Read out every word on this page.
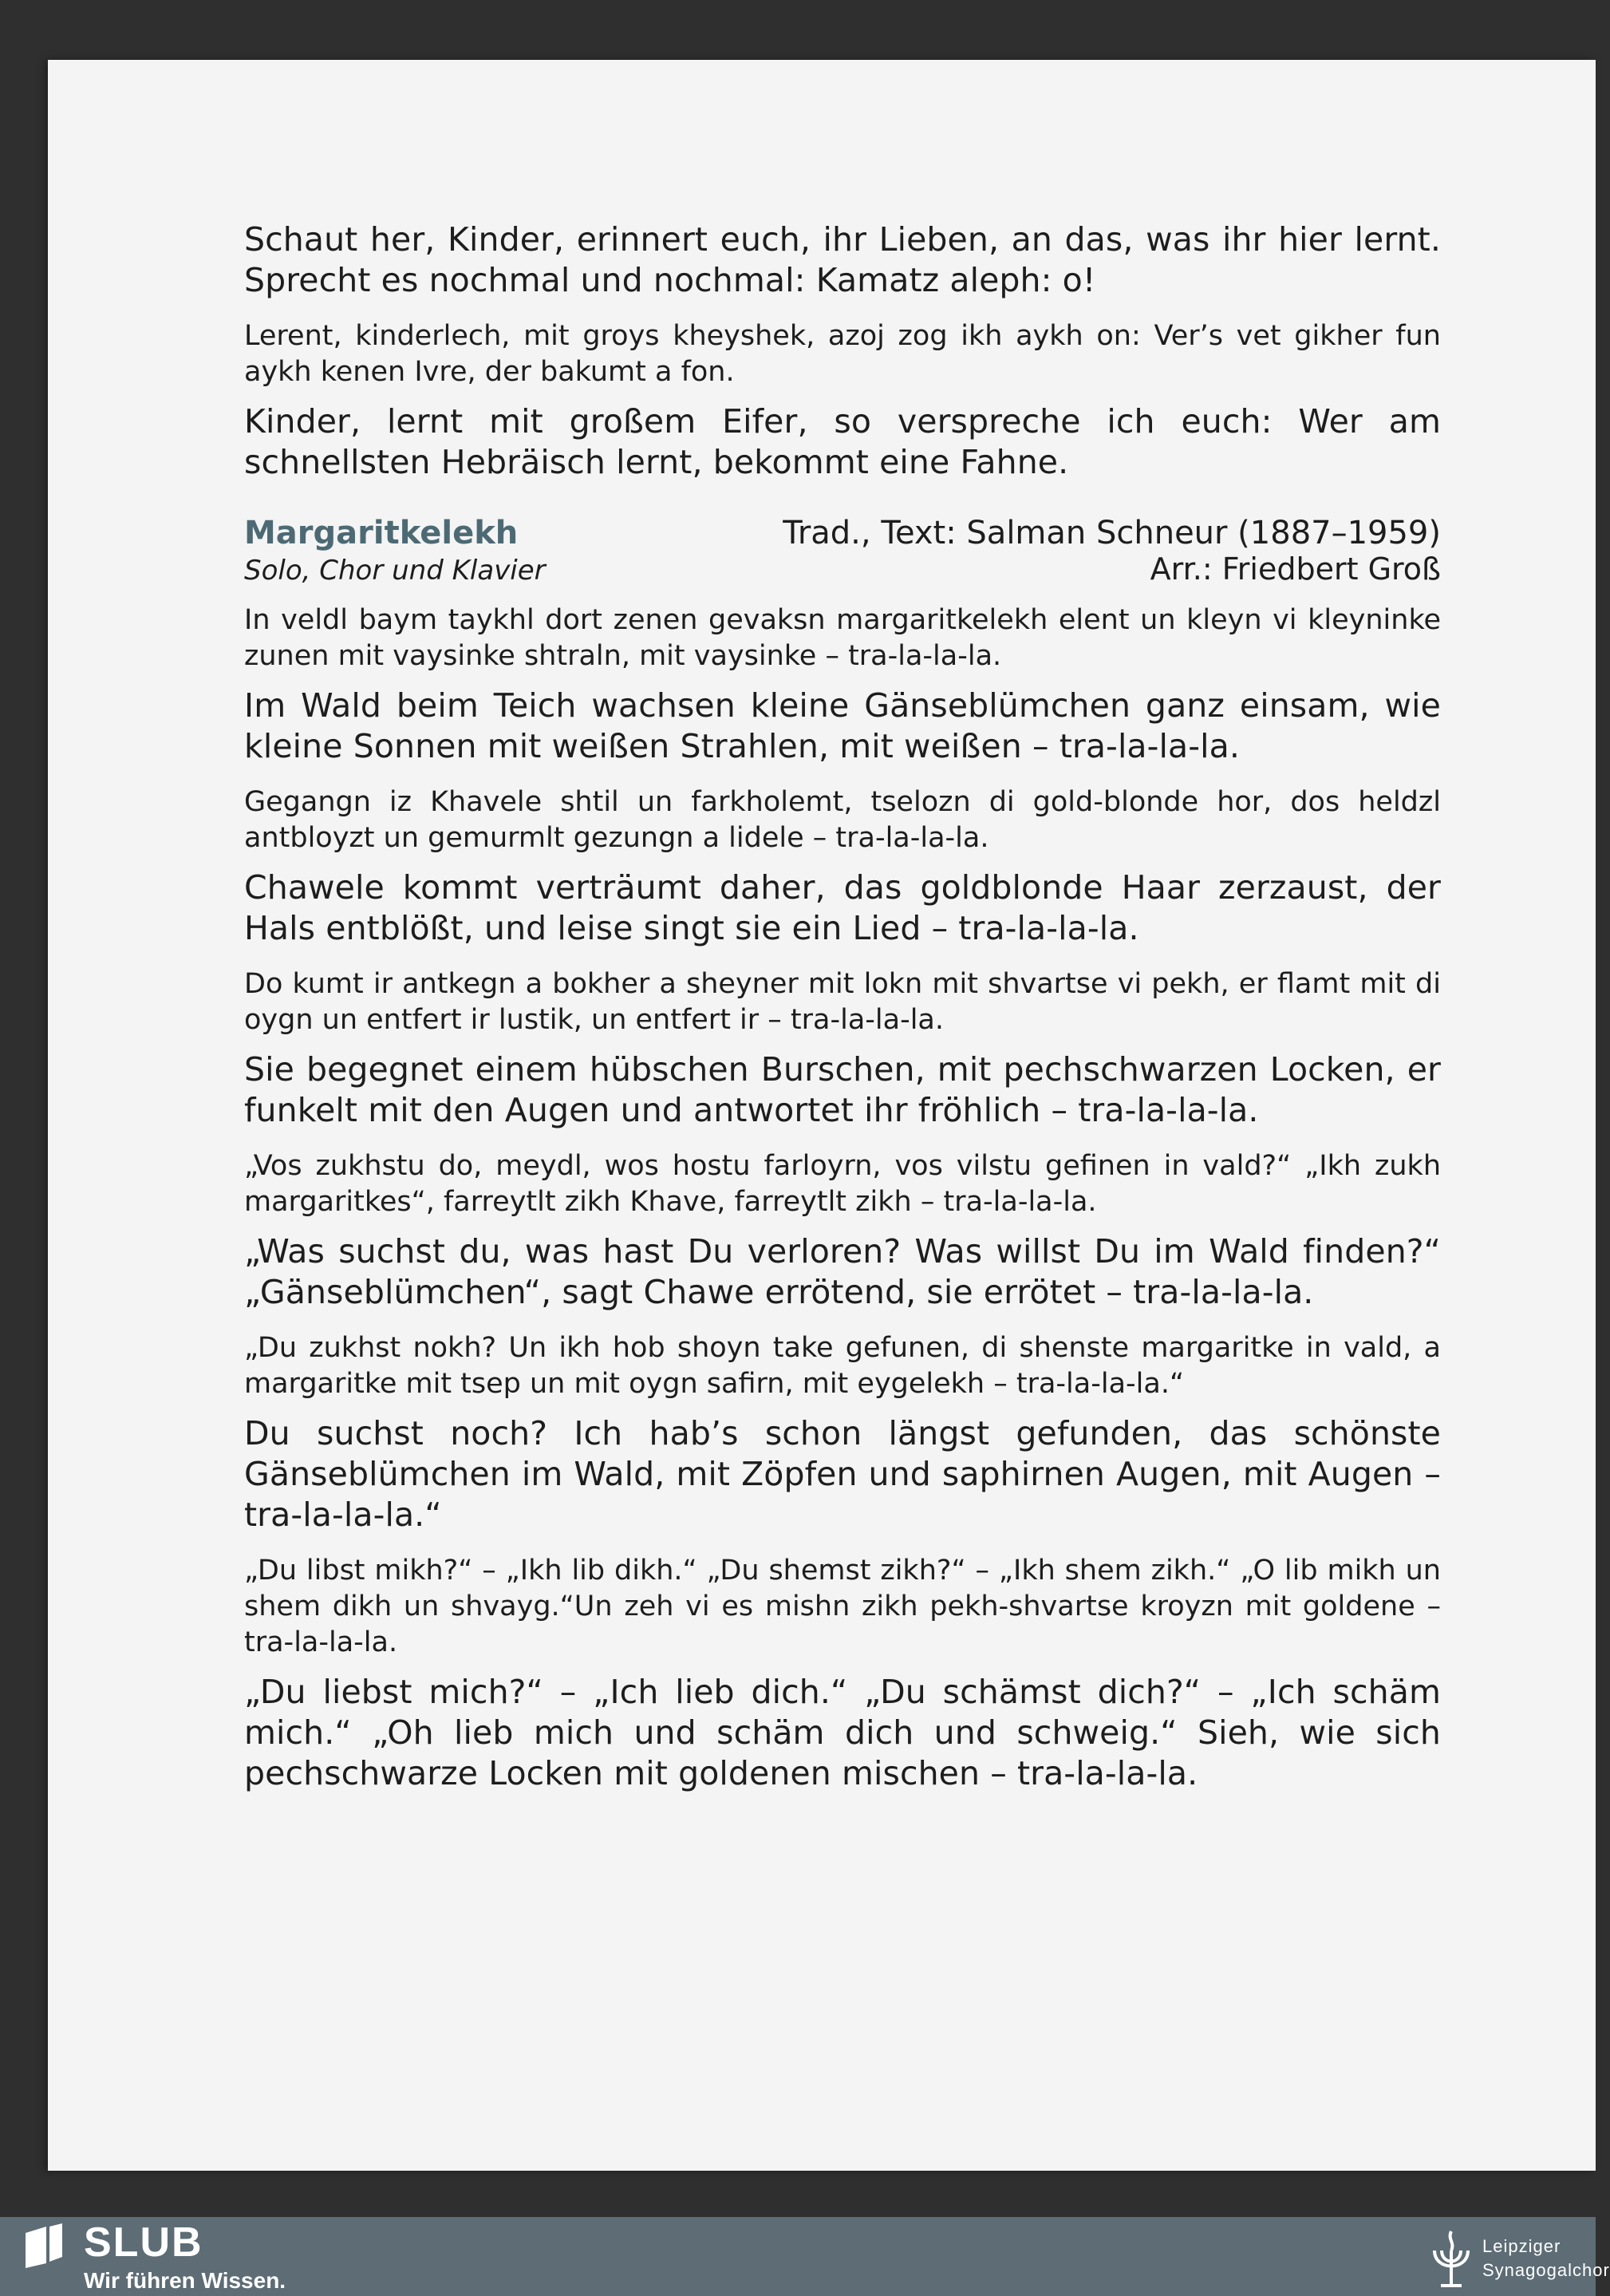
Schaut her, Kinder, erinnert euch, ihr Lieben, an das, was ihr hier lernt. Sprecht es nochmal und nochmal: Kamatz aleph: o!

Lerent, kinderlech, mit groys kheyshek, azoj zog ikh aykh on: Ver’s vet gikher fun aykh kenen Ivre, der bakumt a fon.

Kinder, lernt mit großem Eifer, so verspreche ich euch: Wer am schnellsten Hebräisch lernt, bekommt eine Fahne.

Margaritkelekh	Trad., Text: Salman Schneur (1887–1959)
Solo, Chor und Klavier	Arr.: Friedbert Groß

In veldl baym taykhl dort zenen gevaksn margaritkelekh elent un kleyn vi kleyninke zunen mit vaysinke shtraln, mit vaysinke – tra-la-la-la.

Im Wald beim Teich wachsen kleine Gänseblümchen ganz einsam, wie kleine Sonnen mit weißen Strahlen, mit weißen – tra-la-la-la.

Gegangn iz Khavele shtil un farkholemt, tselozn di gold-blonde hor, dos heldzl antbloyzt un gemurmlt gezungn a lidele – tra-la-la-la.

Chawele kommt verträumt daher, das goldblonde Haar zerzaust, der Hals entblößt, und leise singt sie ein Lied – tra-la-la-la.

Do kumt ir antkegn a bokher a sheyner mit lokn mit shvartse vi pekh, er flamt mit di oygn un entfert ir lustik, un entfert ir – tra-la-la-la.

Sie begegnet einem hübschen Burschen, mit pechschwarzen Locken, er funkelt mit den Augen und antwortet ihr fröhlich – tra-la-la-la.

„Vos zukhstu do, meydl, wos hostu farloyrn, vos vilstu gefinen in vald?“ „Ikh zukh margaritkes“, farreytlt zikh Khave, farreytlt zikh – tra-la-la-la.

„Was suchst du, was hast Du verloren? Was willst Du im Wald finden?“ „Gänseblümchen“, sagt Chawe errötend, sie errötet – tra-la-la-la.

„Du zukhst nokh? Un ikh hob shoyn take gefunen, di shenste margaritke in vald, a margaritke mit tsep un mit oygn safirn, mit eygelekh – tra-la-la-la.“

Du suchst noch? Ich hab’s schon längst gefunden, das schönste Gänseblümchen im Wald, mit Zöpfen und saphirnen Augen, mit Augen – tra-la-la-la.“

„Du libst mikh?“ – „Ikh lib dikh.“ „Du shemst zikh?“ – „Ikh shem zikh.“ „O lib mikh un shem dikh un shvayg.“Un zeh vi es mishn zikh pekh-shvartse kroyzn mit goldene – tra-la-la-la.

„Du liebst mich?“ – „Ich lieb dich.“ „Du schämst dich?“ – „Ich schäm mich.“ „Oh lieb mich und schäm dich und schweig.“ Sieh, wie sich pechschwarze Locken mit goldenen mischen – tra-la-la-la.

SLUB
Wir führen Wissen.
Leipziger
Synagogalchor
